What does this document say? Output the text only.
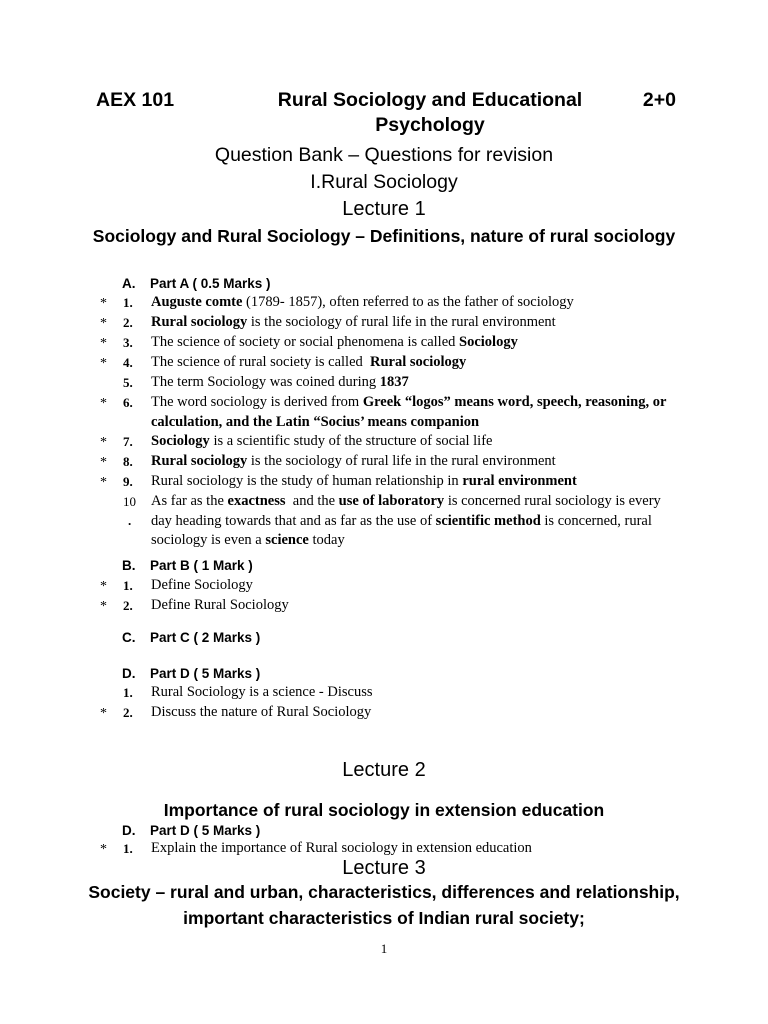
AEX 101	Rural Sociology and Educational Psychology
2+0
Question Bank – Questions for revision
I.Rural Sociology
Lecture 1
Sociology and Rural Sociology – Definitions, nature of rural sociology
A. Part A ( 0.5 Marks )
*	1.	Auguste comte (1789- 1857), often referred to as the father of sociology
*	2.	Rural sociology is the sociology of rural life in the rural environment
*	3.	The science of society or social phenomena is called Sociology
*	4.	The science of rural society is called  Rural sociology
5.	The term Sociology was coined during 1837
*	6.	The word sociology is derived from Greek “logos” means word, speech, reasoning, or calculation, and the Latin “Socius’ means companion
*	7.	Sociology is a scientific study of the structure of social life
*	8.	Rural sociology is the sociology of rural life in the rural environment
*	9.	Rural sociology is the study of human relationship in rural environment
10
.
As far as the exactness  and the use of laboratory is concerned rural sociology is every day heading towards that and as far as the use of scientific method is concerned, rural sociology is even a science today
B. Part B ( 1 Mark )
*	1.	Define Sociology
*	2.	Define Rural Sociology
C. Part C ( 2 Marks )
D. Part D ( 5 Marks )
1.	Rural Sociology is a science - Discuss
*	2.	Discuss the nature of Rural Sociology
Lecture 2
Importance of rural sociology in extension education
D. Part D ( 5 Marks )
*	1.	Explain the importance of Rural sociology in extension education
Lecture 3
Society – rural and urban, characteristics, differences and relationship, important characteristics of Indian rural society;
1
